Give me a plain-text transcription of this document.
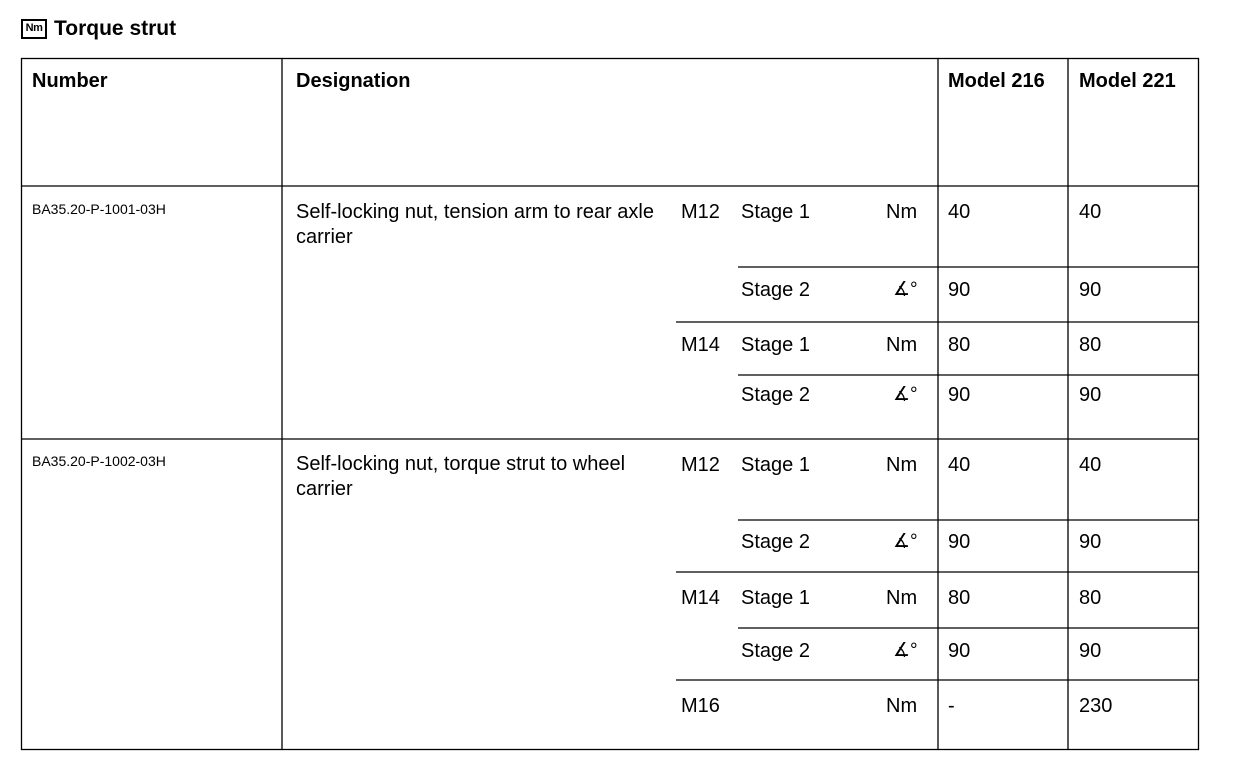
Nm Torque strut
Number	Designation	Model 216 Model 221
BA35.20-P-1001-03H	Self-locking nut, tension arm to rear axle carrier
M12 Stage 1	Nm 40	40
Stage 2	∡° 90	90
M14 Stage 1	Nm 80	80
Stage 2	∡° 90	90
BA35.20-P-1002-03H	Self-locking nut, torque strut to wheel carrier
M12 Stage 1	Nm 40	40
Stage 2	∡° 90	90
M14 Stage 1	Nm 80	80
Stage 2	∡° 90	90
M16	Nm -	230
